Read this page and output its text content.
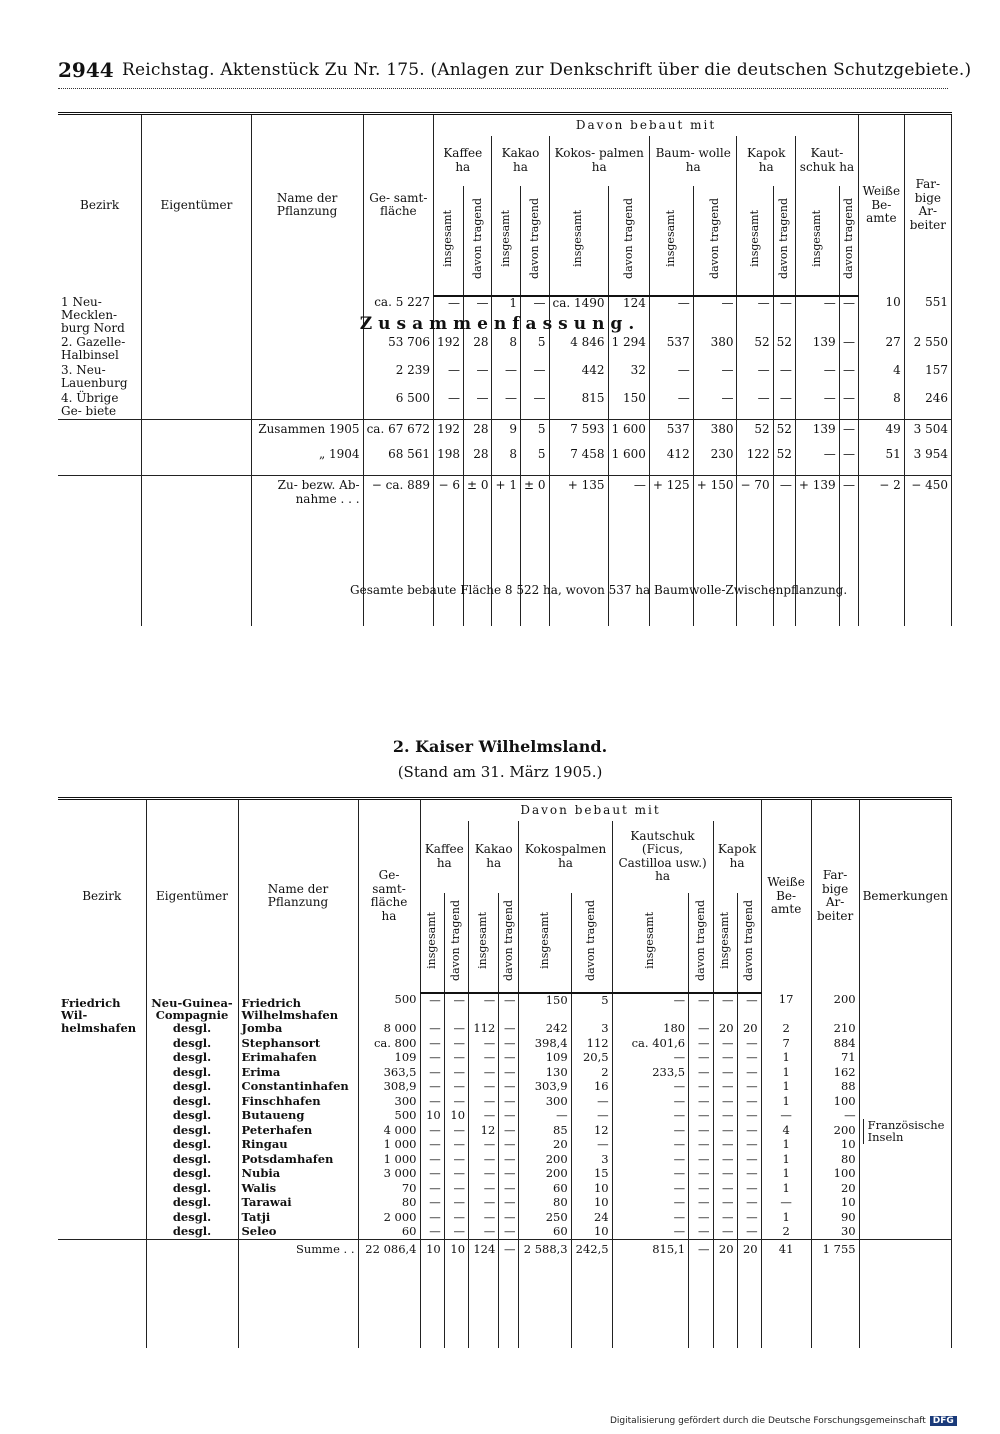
2944 Reichstag. Aktenstück Zu Nr. 175. (Anlagen zur Denkschrift über die deutschen Schutzgebiete.)
Bezirk	Eigentümer	Name der Pflanzung	Ge- samt- fläche	Davon bebaut mit												Weiße Be- amte	Far- bige Ar- beiter
				Kaffee ha		Kakao ha		Kokos- palmen ha		Baum- wolle ha		Kapok ha		Kaut- schuk ha			
				insgesamt	davon tragend	insgesamt	davon tragend	insgesamt	davon tragend	insgesamt	davon tragend	insgesamt	davon tragend	insgesamt	davon tragend		
1 Neu-Mecklen- burg Nord			ca. 5 227	—	—	1	—	ca. 1490	124	—	—	—	—	—	—	10	551
2. Gazelle- Halbinsel			53 706	192	28	8	5	4 846	1 294	537	380	52	52	139	—	27	2 550
3. Neu- Lauenburg			2 239	—	—	—	—	442	32	—	—	—	—	—	—	4	157
4. Übrige Ge- biete			6 500	—	—	—	—	815	150	—	—	—	—	—	—	8	246
		Zusammen 1905	ca. 67 672	192	28	9	5	7 593	1 600	537	380	52	52	139	—	49	3 504
		„ 1904	68 561	198	28	8	5	7 458	1 600	412	230	122	52	—	—	51	3 954
		Zu- bezw. Ab- nahme . . .	− ca. 889	− 6	± 0	+ 1	± 0	+ 135	—	+ 125	+ 150	− 70	—	+ 139	—	− 2	− 450

Zusammenfassung.
Gesamte bebaute Fläche 8 522 ha, wovon 537 ha Baumwolle-Zwischenpflanzung.
2. Kaiser Wilhelmsland.
(Stand am 31. März 1905.)
Bezirk	Eigentümer	Name der Pflanzung	Ge- samt- fläche ha	Davon bebaut mit										Weiße Be- amte	Far- bige Ar- beiter	Bemerkungen
				Kaffee ha		Kakao ha		Kokospalmen ha		Kautschuk (Ficus, Castilloa usw.) ha		Kapok ha				
				insgesamt	davon tragend	insgesamt	davon tragend	insgesamt	davon tragend	insgesamt	davon tragend	insgesamt	davon tragend			
Friedrich Wil- helmshafen	Neu-Guinea- Compagnie	Friedrich Wilhelmshafen	500	—	—	—	—	150	5	—	—	—	—	17	200	Französische Inseln

	desgl.	Jomba	8 000	—	—	112	—	242	3	180	—	20	20	2	210	
	desgl.	Stephansort	ca. 800	—	—	—	—	398,4	112	ca. 401,6	—	—	—	7	884	
	desgl.	Erimahafen	109	—	—	—	—	109	20,5	—	—	—	—	1	71	
	desgl.	Erima	363,5	—	—	—	—	130	2	233,5	—	—	—	1	162	
	desgl.	Constantinhafen	308,9	—	—	—	—	303,9	16	—	—	—	—	1	88	
	desgl.	Finschhafen	300	—	—	—	—	300	—	—	—	—	—	1	100	
	desgl.	Butaueng	500	10	10	—	—	—	—	—	—	—	—	—	—	
	desgl.	Peterhafen	4 000	—	—	12	—	85	12	—	—	—	—	4	200	
	desgl.	Ringau	1 000	—	—	—	—	20	—	—	—	—	—	1	10	
	desgl.	Potsdamhafen	1 000	—	—	—	—	200	3	—	—	—	—	1	80	
	desgl.	Nubia	3 000	—	—	—	—	200	15	—	—	—	—	1	100	
	desgl.	Walis	70	—	—	—	—	60	10	—	—	—	—	1	20	
	desgl.	Tarawai	80	—	—	—	—	80	10	—	—	—	—	—	10	
	desgl.	Tatji	2 000	—	—	—	—	250	24	—	—	—	—	1	90	
	desgl.	Seleo	60	—	—	—	—	60	10	—	—	—	—	2	30	
		Summe . .	22 086,4	10	10	124	—	2 588,3	242,5	815,1	—	20	20	41	1 755	

Digitalisierung gefördert durch die Deutsche Forschungsgemeinschaft DFG
